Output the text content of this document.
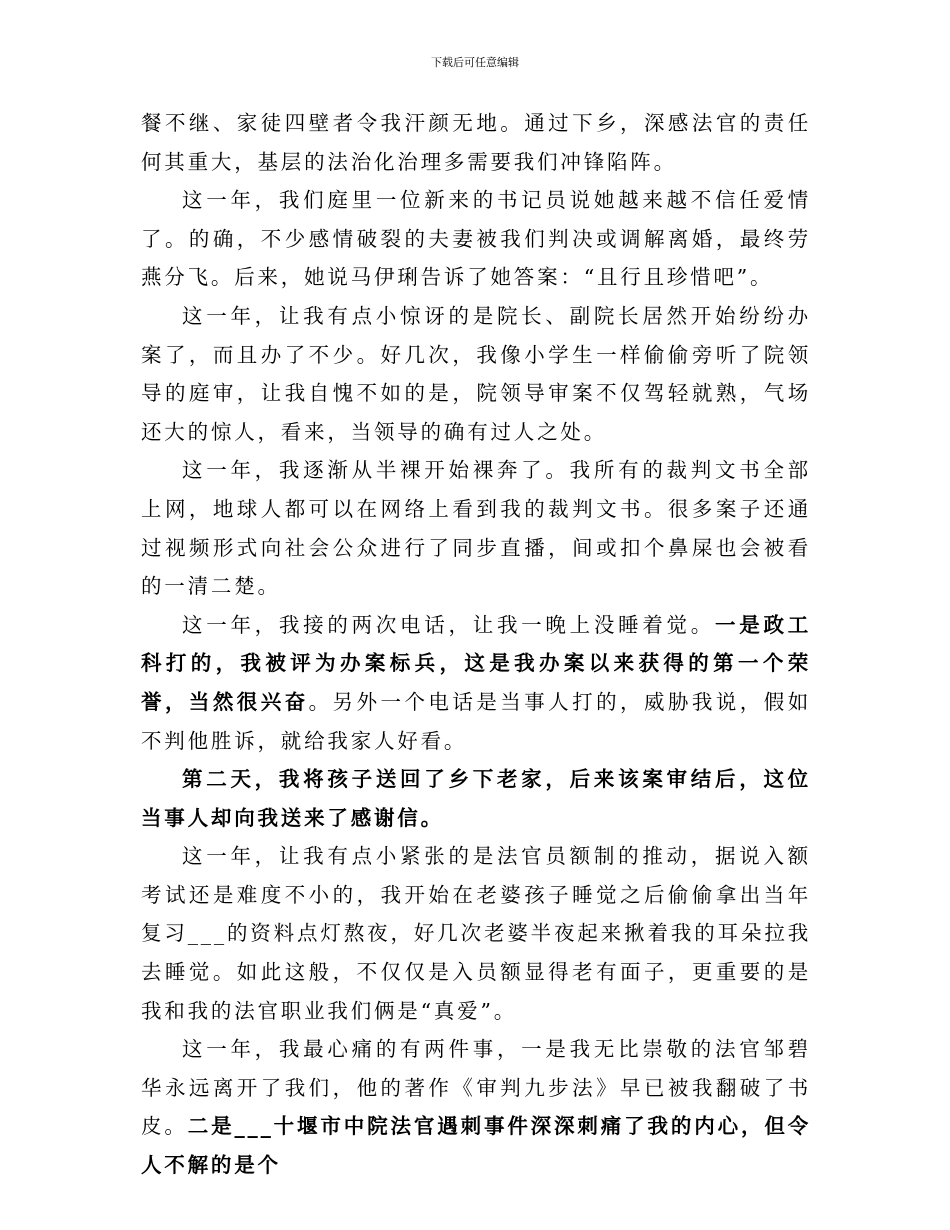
下载后可任意编辑

餐不继、家徒四壁者令我汗颜无地。通过下乡，深感法官的责任何其重大，基层的法治化治理多需要我们冲锋陷阵。

这一年，我们庭里一位新来的书记员说她越来越不信任爱情了。的确，不少感情破裂的夫妻被我们判决或调解离婚，最终劳燕分飞。后来，她说马伊琍告诉了她答案：“且行且珍惜吧”。

这一年，让我有点小惊讶的是院长、副院长居然开始纷纷办案了，而且办了不少。好几次，我像小学生一样偷偷旁听了院领导的庭审，让我自愧不如的是，院领导审案不仅驾轻就熟，气场还大的惊人，看来，当领导的确有过人之处。

这一年，我逐渐从半裸开始裸奔了。我所有的裁判文书全部上网，地球人都可以在网络上看到我的裁判文书。很多案子还通过视频形式向社会公众进行了同步直播，间或扣个鼻屎也会被看的一清二楚。

这一年，我接的两次电话，让我一晚上没睡着觉。一是政工科打的，我被评为办案标兵，这是我办案以来获得的第一个荣誉，当然很兴奋。另外一个电话是当事人打的，威胁我说，假如不判他胜诉，就给我家人好看。

第二天，我将孩子送回了乡下老家，后来该案审结后，这位当事人却向我送来了感谢信。

这一年，让我有点小紧张的是法官员额制的推动，据说入额考试还是难度不小的，我开始在老婆孩子睡觉之后偷偷拿出当年复习___的资料点灯熬夜，好几次老婆半夜起来揪着我的耳朵拉我去睡觉。如此这般，不仅仅是入员额显得老有面子，更重要的是我和我的法官职业我们俩是“真爱”。

这一年，我最心痛的有两件事，一是我无比崇敬的法官邹碧华永远离开了我们，他的著作《审判九步法》早已被我翻破了书皮。二是___十堰市中院法官遇刺事件深深刺痛了我的内心，但令人不解的是个
